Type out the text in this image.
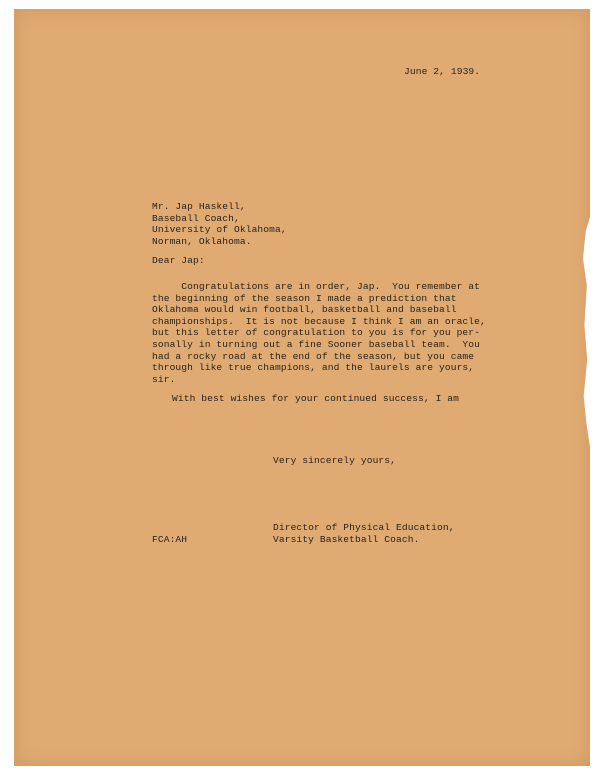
June 2, 1939.
Mr. Jap Haskell,
Baseball Coach,
University of Oklahoma,
Norman, Oklahoma.
Dear Jap:
Congratulations are in order, Jap.  You remember at
the beginning of the season I made a prediction that
Oklahoma would win football, basketball and baseball
championships.  It is not because I think I am an oracle,
but this letter of congratulation to you is for you per-
sonally in turning out a fine Sooner baseball team.  You
had a rocky road at the end of the season, but you came
through like true champions, and the laurels are yours,
sir.
With best wishes for your continued success, I am
Very sincerely yours,
Director of Physical Education,
Varsity Basketball Coach.
FCA:AH
